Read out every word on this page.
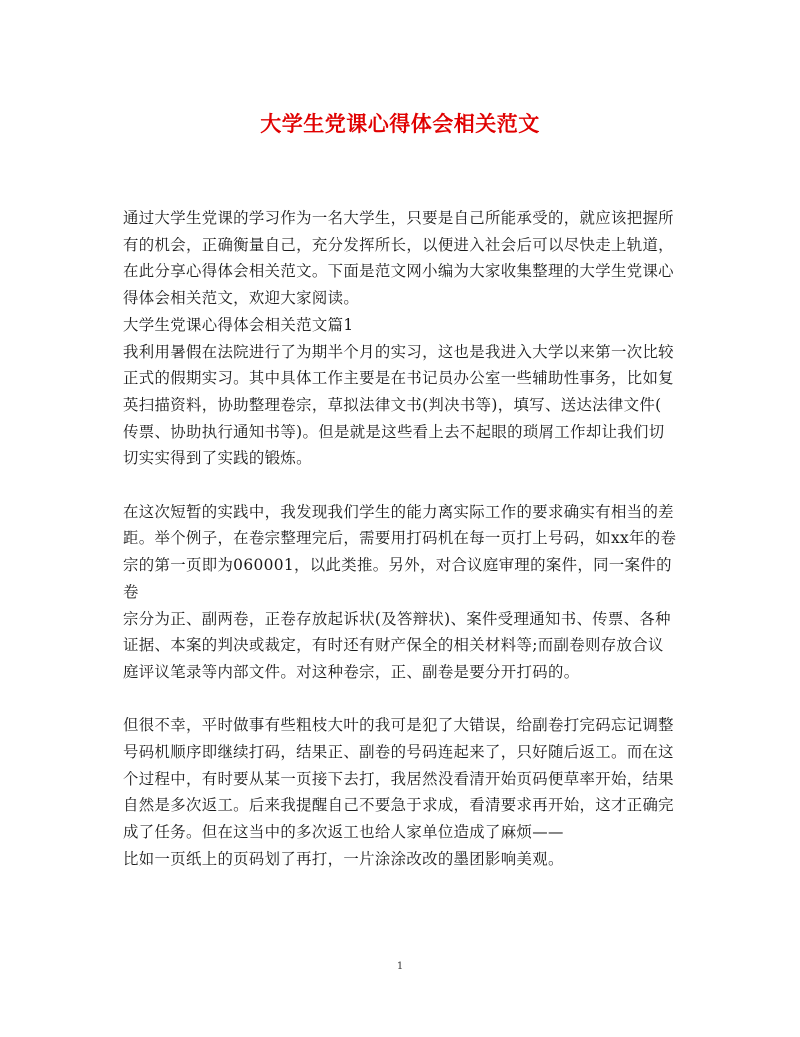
大学生党课心得体会相关范文

通过大学生党课的学习作为一名大学生，只要是自己所能承受的，就应该把握所

有的机会，正确衡量自己，充分发挥所长，以便进入社会后可以尽快走上轨道，

在此分享心得体会相关范文。下面是范文网小编为大家收集整理的大学生党课心

得体会相关范文，欢迎大家阅读。

大学生党课心得体会相关范文篇1

我利用暑假在法院进行了为期半个月的实习，这也是我进入大学以来第一次比较

正式的假期实习。其中具体工作主要是在书记员办公室一些辅助性事务，比如复

英扫描资料，协助整理卷宗，草拟法律文书(判决书等)，填写、送达法律文件(

传票、协助执行通知书等)。但是就是这些看上去不起眼的琐屑工作却让我们切

切实实得到了实践的锻炼。

在这次短暂的实践中，我发现我们学生的能力离实际工作的要求确实有相当的差

距。举个例子，在卷宗整理完后，需要用打码机在每一页打上号码，如xx年的卷

宗的第一页即为060001，以此类推。另外，对合议庭审理的案件，同一案件的卷

宗分为正、副两卷，正卷存放起诉状(及答辩状)、案件受理通知书、传票、各种

证据、本案的判决或裁定，有时还有财产保全的相关材料等;而副卷则存放合议

庭评议笔录等内部文件。对这种卷宗，正、副卷是要分开打码的。

但很不幸，平时做事有些粗枝大叶的我可是犯了大错误，给副卷打完码忘记调整

号码机顺序即继续打码，结果正、副卷的号码连起来了，只好随后返工。而在这

个过程中，有时要从某一页接下去打，我居然没看清开始页码便草率开始，结果

自然是多次返工。后来我提醒自己不要急于求成，看清要求再开始，这才正确完

成了任务。但在这当中的多次返工也给人家单位造成了麻烦——

比如一页纸上的页码划了再打，一片涂涂改改的墨团影响美观。

1
